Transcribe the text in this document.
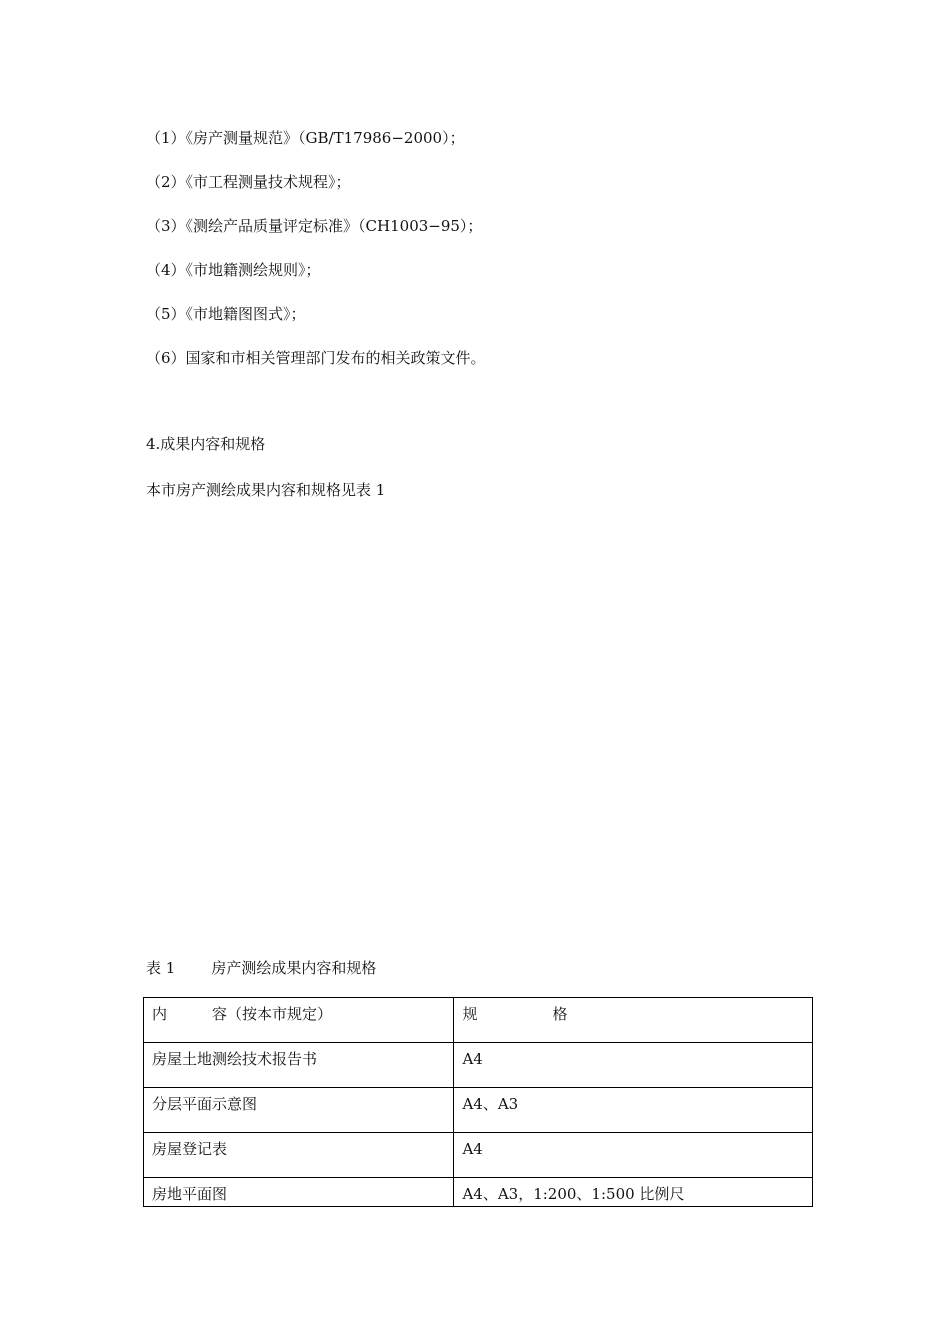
（1）《房产测量规范》（GB/T17986−2000）；
（2）《市工程测量技术规程》；
（3）《测绘产品质量评定标准》（CH1003−95）；
（4）《市地籍测绘规则》；
（5）《市地籍图图式》；
（6）国家和市相关管理部门发布的相关政策文件。
4.成果内容和规格
本市房产测绘成果内容和规格见表 1
表 1 房产测绘成果内容和规格
内　　　容（按本市规定）	规　　　　　格
房屋土地测绘技术报告书	A4
分层平面示意图	A4、A3
房屋登记表	A4
房地平面图	A4、A3，1:200、1:500 比例尺
